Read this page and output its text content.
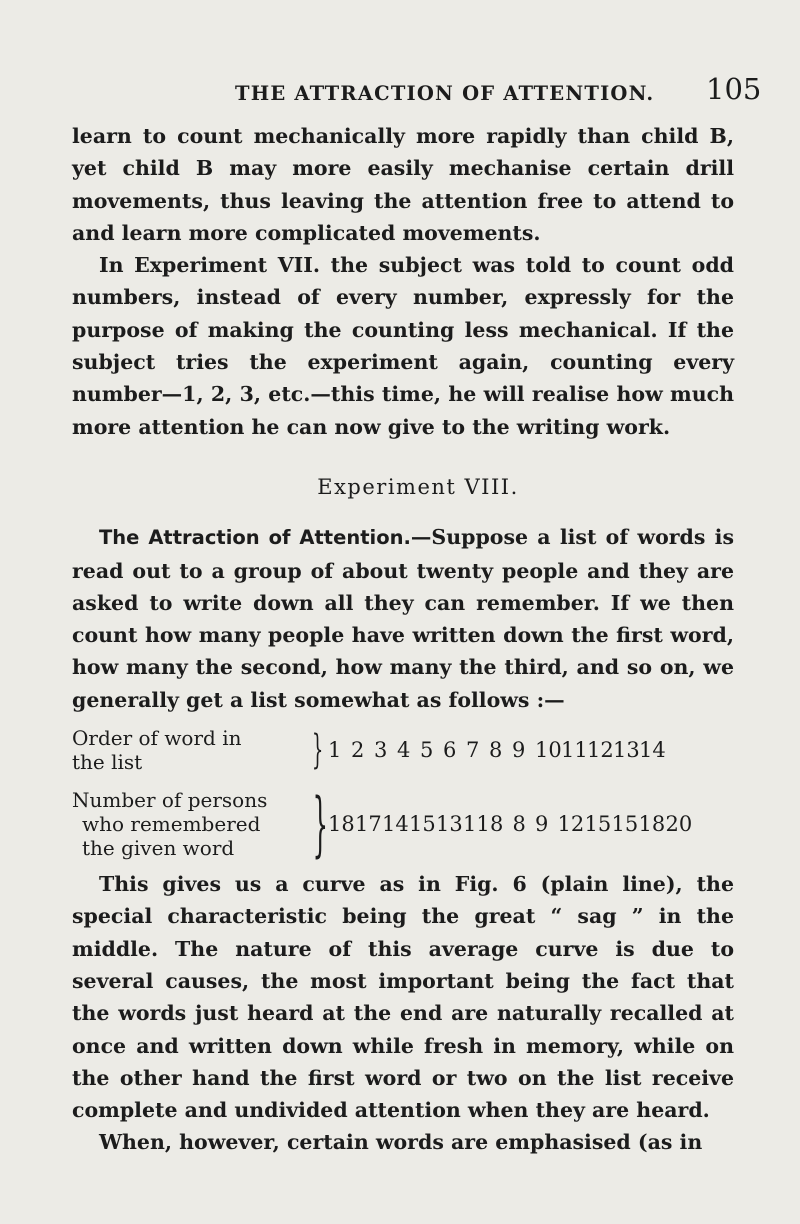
THE ATTRACTION OF ATTENTION. 105

learn to count mechanically more rapidly than child B, yet child B may more easily mechanise certain drill movements, thus leaving the attention free to attend to and learn more complicated movements.

In Experiment VII. the subject was told to count odd numbers, instead of every number, expressly for the purpose of making the counting less mechanical. If the subject tries the experiment again, counting every number—1, 2, 3, etc.—this time, he will realise how much more attention he can now give to the writing work.

Experiment VIII.

The Attraction of Attention.—Suppose a list of words is read out to a group of about twenty people and they are asked to write down all they can remember. If we then count how many people have written down the first word, how many the second, how many the third, and so on, we generally get a list somewhat as follows :—

Order of word in
the list	} 1 2 3 4 5 6 7 8 9 10 11 12 13 14
Number of persons
who remembered
the given word	} 18 17 14 15 13 11 8 8 9 12 15 15 18 20

This gives us a curve as in Fig. 6 (plain line), the special characteristic being the great “ sag ” in the middle. The nature of this average curve is due to several causes, the most important being the fact that the words just heard at the end are naturally recalled at once and written down while fresh in memory, while on the other hand the first word or two on the list receive complete and undivided attention when they are heard.

When, however, certain words are emphasised (as in
